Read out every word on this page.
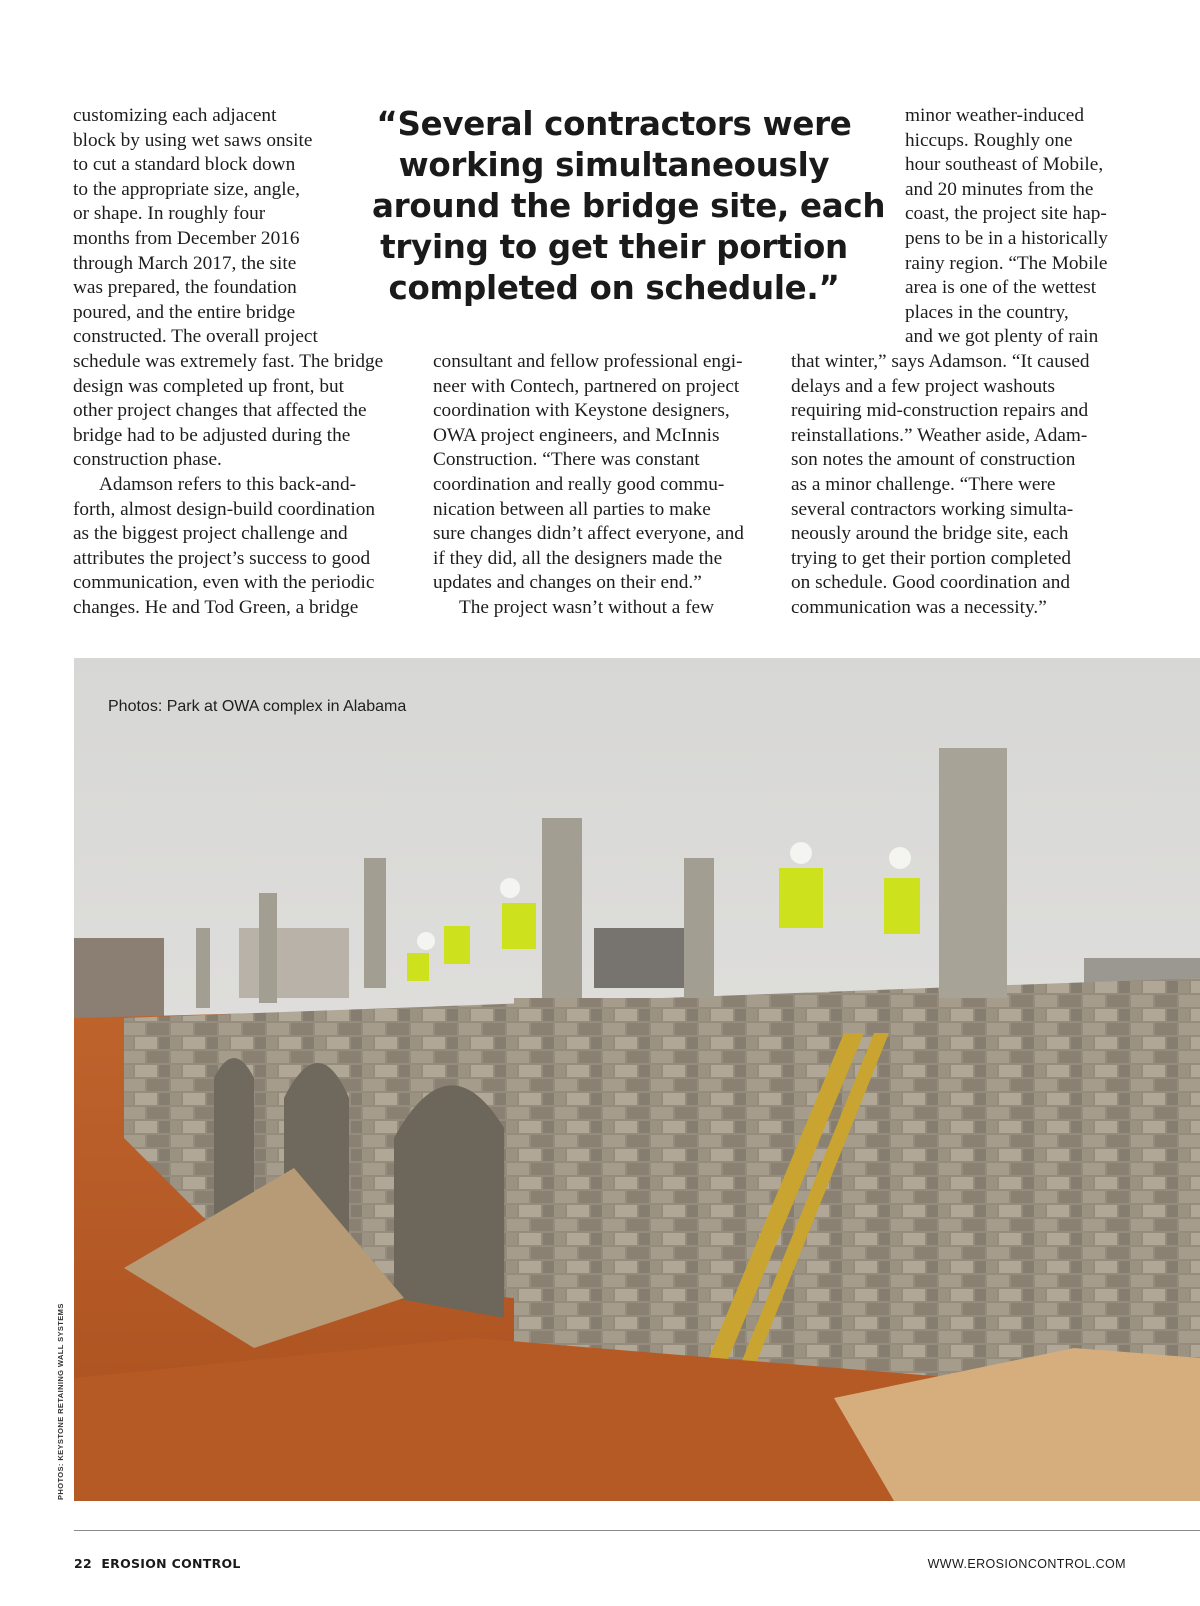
customizing each adjacent
block by using wet saws onsite
to cut a standard block down
to the appropriate size, angle,
or shape. In roughly four
months from December 2016
through March 2017, the site
was prepared, the foundation
poured, and the entire bridge
constructed. The overall project

“Several contractors were
working simultaneously
around the bridge site, each
trying to get their portion
completed on schedule.”

minor weather-induced
hiccups. Roughly one
hour southeast of Mobile,
and 20 minutes from the
coast, the project site hap-
pens to be in a historically
rainy region. “The Mobile
area is one of the wettest
places in the country,
and we got plenty of rain

schedule was extremely fast. The bridge
design was completed up front, but
other project changes that affected the
bridge had to be adjusted during the
construction phase.

Adamson refers to this back-and-
forth, almost design-build coordination
as the biggest project challenge and
attributes the project’s success to good
communication, even with the periodic
changes. He and Tod Green, a bridge

consultant and fellow professional engi-
neer with Contech, partnered on project
coordination with Keystone designers,
OWA project engineers, and McInnis
Construction. “There was constant
coordination and really good commu-
nication between all parties to make
sure changes didn’t affect everyone, and
if they did, all the designers made the
updates and changes on their end.”

The project wasn’t without a few

that winter,” says Adamson. “It caused
delays and a few project washouts
requiring mid-construction repairs and
reinstallations.” Weather aside, Adam-
son notes the amount of construction
as a minor challenge. “There were
several contractors working simulta-
neously around the bridge site, each
trying to get their portion completed
on schedule. Good coordination and
communication was a necessity.”

Photos: Park at OWA complex in Alabama
PHOTOS: KEYSTONE RETAINING WALL SYSTEMS
22 EROSION CONTROL	WWW.EROSIONCONTROL.COM
